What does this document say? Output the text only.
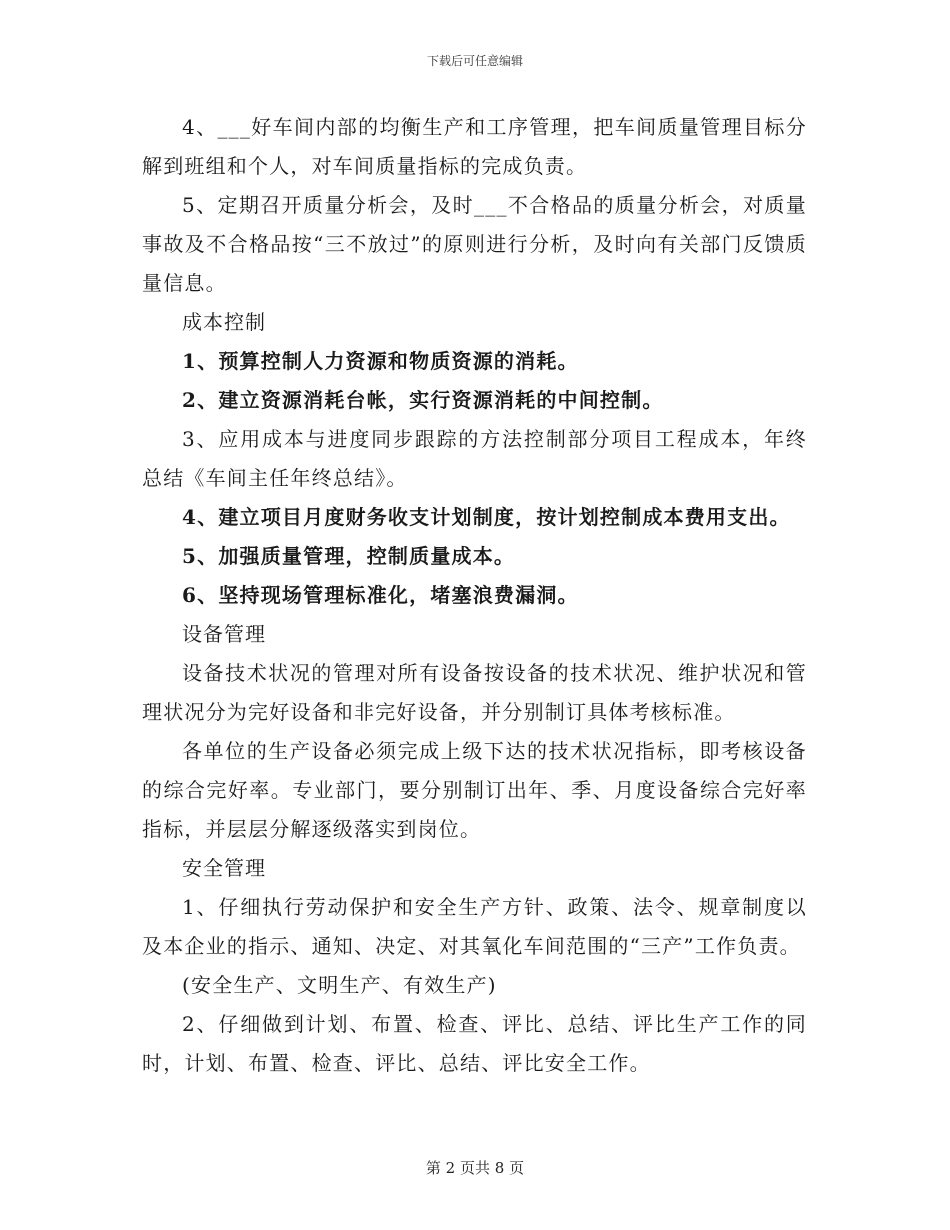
下载后可任意编辑

4、___好车间内部的均衡生产和工序管理，把车间质量管理目标分解到班组和个人，对车间质量指标的完成负责。

5、定期召开质量分析会，及时___不合格品的质量分析会，对质量事故及不合格品按“三不放过”的原则进行分析，及时向有关部门反馈质量信息。

成本控制

1、预算控制人力资源和物质资源的消耗。

2、建立资源消耗台帐，实行资源消耗的中间控制。

3、应用成本与进度同步跟踪的方法控制部分项目工程成本，年终总结《车间主任年终总结》。

4、建立项目月度财务收支计划制度，按计划控制成本费用支出。

5、加强质量管理，控制质量成本。

6、坚持现场管理标准化，堵塞浪费漏洞。

设备管理

设备技术状况的管理对所有设备按设备的技术状况、维护状况和管理状况分为完好设备和非完好设备，并分别制订具体考核标准。

各单位的生产设备必须完成上级下达的技术状况指标，即考核设备的综合完好率。专业部门，要分别制订出年、季、月度设备综合完好率指标，并层层分解逐级落实到岗位。

安全管理

1、仔细执行劳动保护和安全生产方针、政策、法令、规章制度以及本企业的指示、通知、决定、对其氧化车间范围的“三产”工作负责。

(安全生产、文明生产、有效生产)

2、仔细做到计划、布置、检查、评比、总结、评比生产工作的同时，计划、布置、检查、评比、总结、评比安全工作。

第 2 页共 8 页
